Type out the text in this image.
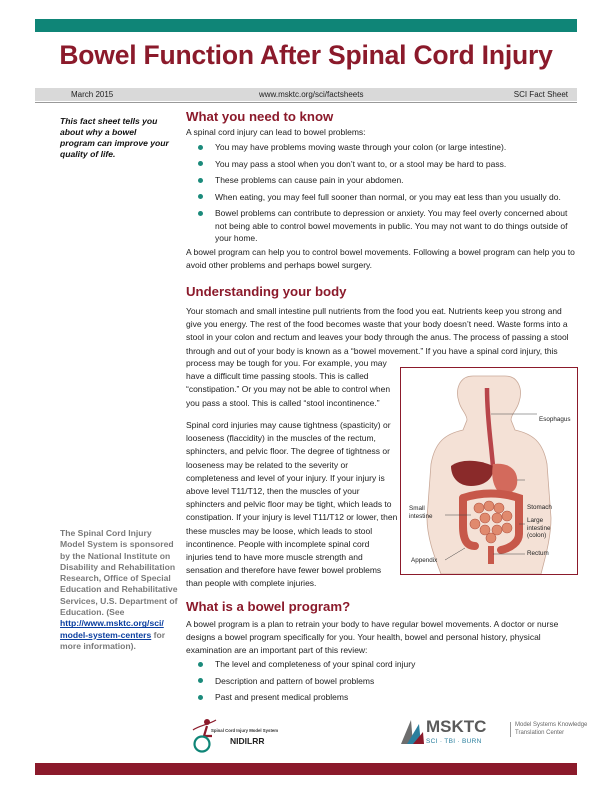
Bowel Function After Spinal Cord Injury
March 2015	www.msktc.org/sci/factsheets	SCI Fact Sheet
This fact sheet tells you about why a bowel program can improve your quality of life.
The Spinal Cord Injury Model System is sponsored by the National Institute on Disability and Rehabilitation Research, Office of Special Education and Rehabilitative Services, U.S. Department of Education. (See http://www.msktc.org/sci/
model-system-centers for more information).
What you need to know

A spinal cord injury can lead to bowel problems:

You may have problems moving waste through your colon (or large intestine).
You may pass a stool when you don’t want to, or a stool may be hard to pass.
These problems can cause pain in your abdomen.
When eating, you may feel full sooner than normal, or you may eat less than you usually do.
Bowel problems can contribute to depression or anxiety. You may feel overly concerned about not being able to control bowel movements in public. You may not want to do things outside of your home.

A bowel program can help you to control bowel movements. Following a bowel program can help you to avoid other problems and perhaps bowel surgery.

Understanding your body

Your stomach and small intestine pull nutrients from the food you eat. Nutrients keep you strong and give you energy. The rest of the food becomes waste that your body doesn’t need. Waste forms into a stool in your colon and rectum and leaves your body through the anus. The process of passing a stool through and out of your body is known as a “bowel movement.” If you have a spinal cord injury, this

process may be tough for you. For example, you may have a difficult time passing stools. This is called “constipation.” Or you may not be able to control when you pass a stool. This is called “stool incontinence.”

Spinal cord injuries may cause tightness (spasticity) or looseness (flaccidity) in the muscles of the rectum, sphincters, and pelvic floor. The degree of tightness or looseness may be related to the severity or completeness and level of your injury. If your injury is above level T11/T12, then the muscles of your sphincters and pelvic floor may be tight, which leads to constipation. If your injury is level T11/T12 or lower, then these muscles may be loose, which leads to stool incontinence. People with incomplete spinal cord injuries tend to have more muscle strength and sensation and therefore have fewer bowel problems than people with complete injuries.

What is a bowel program?

A bowel program is a plan to retrain your body to have regular bowel movements. A doctor or nurse designs a bowel program specifically for you. Your health, bowel and personal history, physical examination are an important part of this review:

The level and completeness of your spinal cord injury
Description and pattern of bowel problems
Past and present medical problems
Esophagus
Stomach
Small intestine
Large intestine (colon)
Rectum
Appendix
Spinal Cord Injury Model System
NIDILRR
MSKTC
SCI · TBI · BURN
Model Systems Knowledge Translation Center
